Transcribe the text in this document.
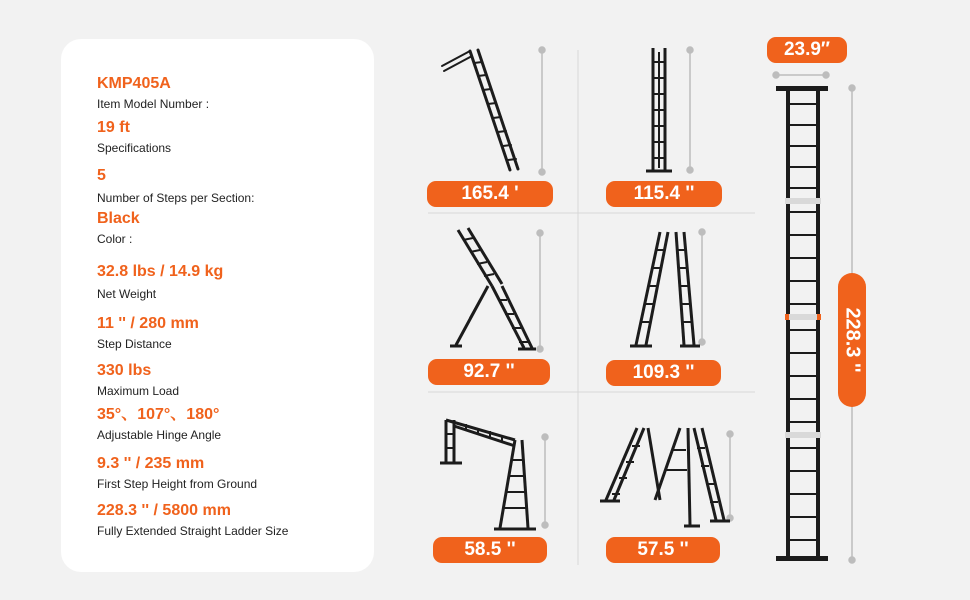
KMP405A
Item Model Number :
19 ft
Specifications
5
Number of Steps per Section:
Black
Color :
32.8 lbs / 14.9 kg
Net Weight
11 '' / 280 mm
Step Distance
330 lbs
Maximum Load
35°、107°、180°
Adjustable Hinge Angle
9.3 '' / 235 mm
First Step Height from Ground
228.3 '' / 5800 mm
Fully Extended Straight Ladder Size
165.4 '	115.4 ''
92.7 ''	109.3 ''
58.5 ''	57.5 ''
23.9″
228.3 ''
